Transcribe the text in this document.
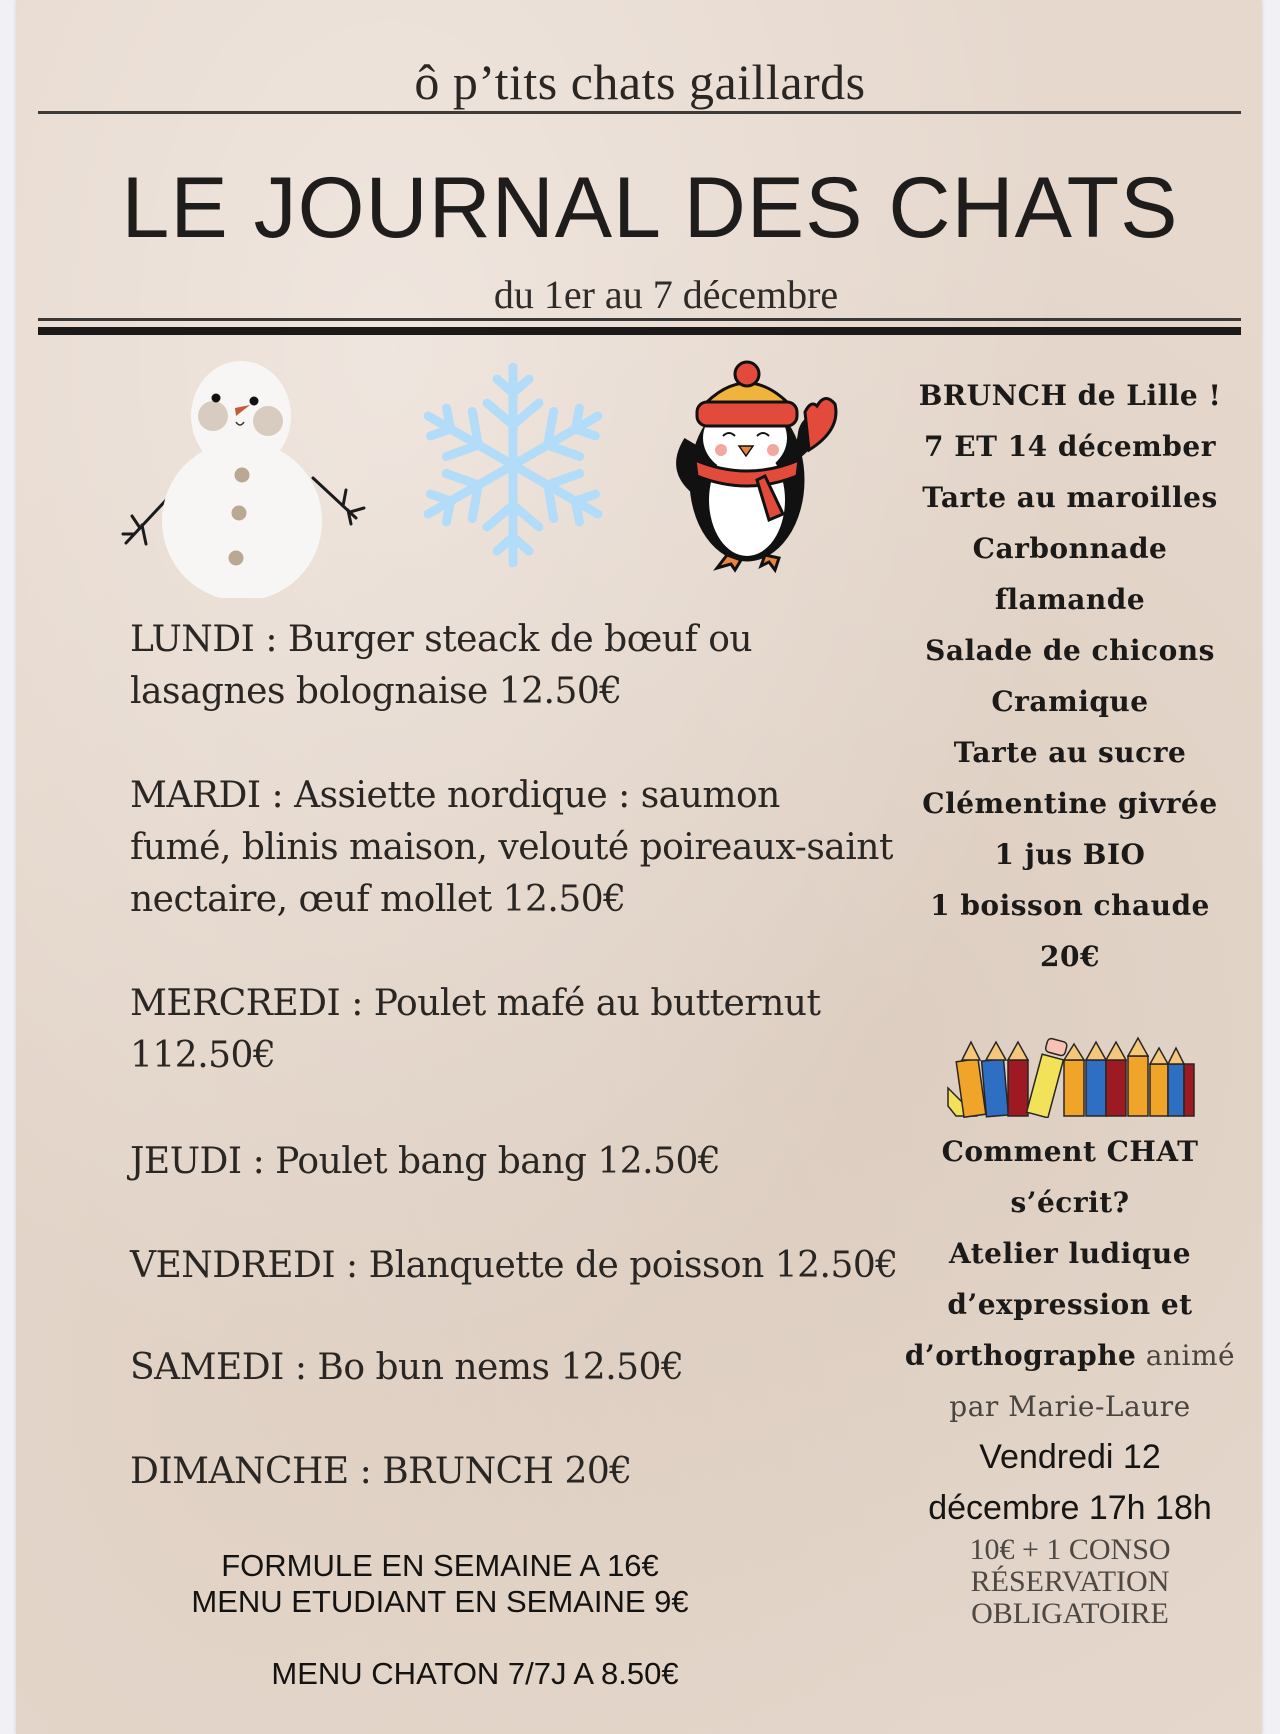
ô p’tits chats gaillards
LE JOURNAL DES CHATS
du 1er au 7 décembre
LUNDI : Burger steack de bœuf ou
lasagnes bolognaise 12.50€
MARDI : Assiette nordique : saumon
fumé, blinis maison, velouté poireaux-saint
nectaire, œuf mollet 12.50€
MERCREDI : Poulet mafé au butternut
112.50€
JEUDI : Poulet bang bang 12.50€
VENDREDI : Blanquette de poisson 12.50€
SAMEDI : Bo bun nems 12.50€
DIMANCHE : BRUNCH 20€
FORMULE EN SEMAINE A 16€
MENU ETUDIANT EN SEMAINE 9€
MENU CHATON 7/7J A 8.50€
BRUNCH de Lille !
7 ET 14 décember
Tarte au maroilles
Carbonnade
flamande
Salade de chicons
Cramique
Tarte au sucre
Clémentine givrée
1 jus BIO
1 boisson chaude
20€
Comment CHAT
s’écrit?
Atelier ludique
d’expression et
d’orthographe animé
par Marie-Laure
Vendredi 12
décembre 17h 18h
10€ + 1 CONSO
RÉSERVATION
OBLIGATOIRE
